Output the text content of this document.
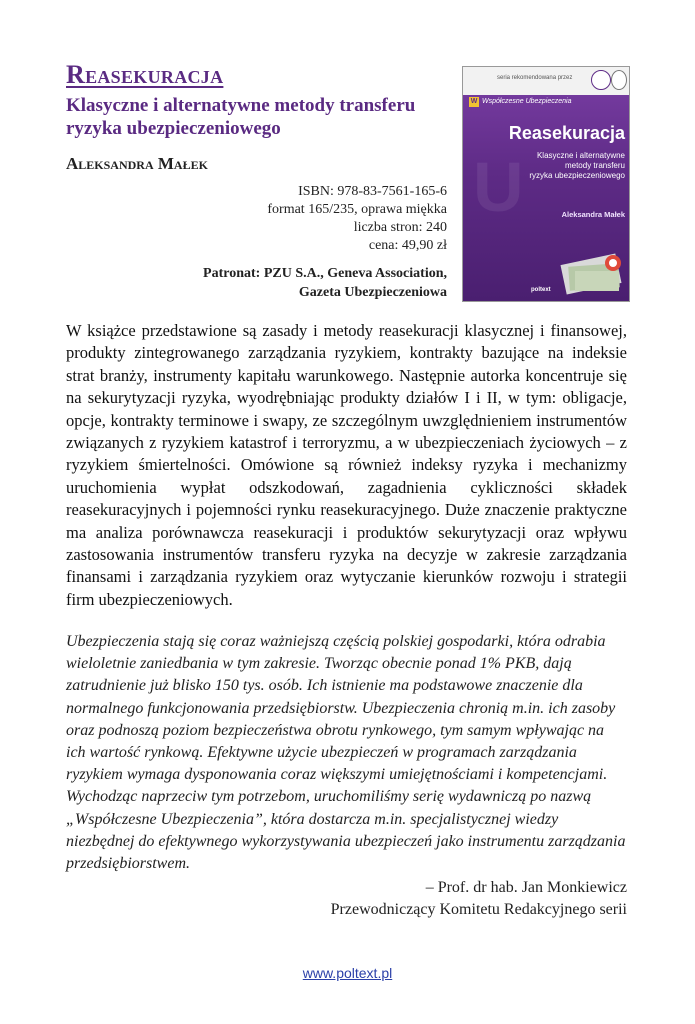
Reasekuracja
Klasyczne i alternatywne metody transferu ryzyka ubezpieczeniowego
Aleksandra Małek
ISBN: 978-83-7561-165-6
format 165/235, oprawa miękka
liczba stron: 240
cena: 49,90 zł
Patronat: PZU S.A., Geneva Association,
Gazeta Ubezpieczeniowa
seria rekomendowana przez
W Współczesne Ubezpieczenia
U
Reasekuracja
Klasyczne i alternatywne
metody transferu
ryzyka ubezpieczeniowego
Aleksandra Małek
poltext

W książce przedstawione są zasady i metody reasekuracji klasycznej i finansowej, produkty zintegrowanego zarządzania ryzykiem, kontrakty bazujące na indeksie strat branży, instrumenty kapitału warunkowego. Następnie autorka koncentruje się na sekurytyzacji ryzyka, wyodrębniając produkty działów I i II, w tym: obligacje, opcje, kontrakty terminowe i swapy, ze szczególnym uwzględnieniem instrumentów związanych z ryzykiem katastrof i terroryzmu, a w ubezpieczeniach życiowych – z ryzykiem śmiertelności. Omówione są również indeksy ryzyka i mechanizmy uruchomienia wypłat odszkodowań, zagadnienia cykliczności składek reasekuracyjnych i pojemności rynku reasekuracyjnego. Duże znaczenie praktyczne ma analiza porównawcza reasekuracji i produktów sekurytyzacji oraz wpływu zastosowania instrumentów transferu ryzyka na decyzje w zakresie zarządzania finansami i zarządzania ryzykiem oraz wytyczanie kierunków rozwoju i strategii firm ubezpieczeniowych.

Ubezpieczenia stają się coraz ważniejszą częścią polskiej gospodarki, która odrabia wieloletnie zaniedbania w tym zakresie. Tworząc obecnie ponad 1% PKB, dają zatrudnienie już blisko 150 tys. osób. Ich istnienie ma podstawowe znaczenie dla normalnego funkcjonowania przedsiębiorstw. Ubezpieczenia chronią m.in. ich zasoby oraz podnoszą poziom bezpieczeństwa obrotu rynkowego, tym samym wpływając na ich wartość rynkową. Efektywne użycie ubezpieczeń w programach zarządzania ryzykiem wymaga dysponowania coraz większymi umiejętnościami i kompetencjami. Wychodząc naprzeciw tym potrzebom, uruchomiliśmy serię wydawniczą po nazwą „Współczesne Ubezpieczenia”, która dostarcza m.in. specjalistycznej wiedzy niezbędnej do efektywnego wykorzystywania ubezpieczeń jako instrumentu zarządzania przedsiębiorstwem.

– Prof. dr hab. Jan Monkiewicz
Przewodniczący Komitetu Redakcyjnego serii
www.poltext.pl
